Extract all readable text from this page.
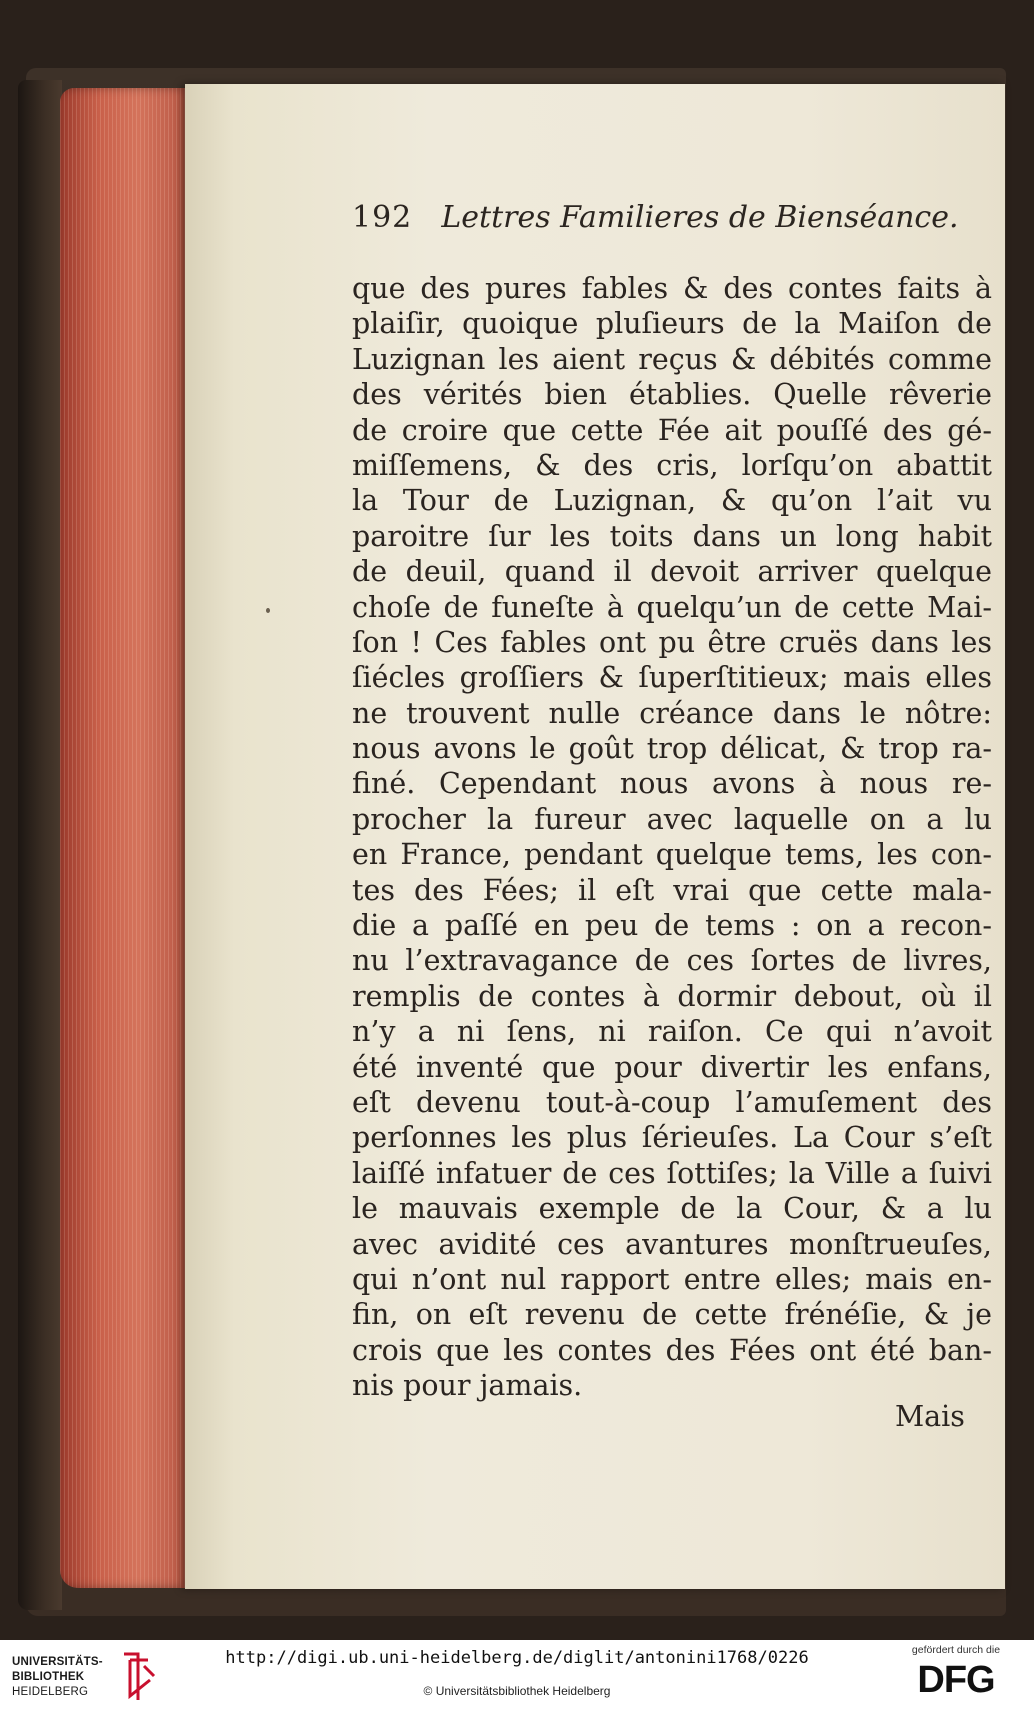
192 Lettres Familieres de Bienséance.
que des pures fables & des contes faits à
plaiſir, quoique pluſieurs de la Maiſon de
Luzignan les aient reçus & débités comme
des vérités bien établies. Quelle rêverie
de croire que cette Fée ait pouſſé des gé-
miſſemens, & des cris, lorſqu’on abattit
la Tour de Luzignan, & qu’on l’ait vu
paroitre ſur les toits dans un long habit
de deuil, quand il devoit arriver quelque
choſe de funeſte à quelqu’un de cette Mai-
ſon ! Ces fables ont pu être cruës dans les
ſiécles groſſiers & ſuperſtitieux; mais elles
ne trouvent nulle créance dans le nôtre:
nous avons le goût trop délicat, & trop ra-
finé. Cependant nous avons à nous re-
procher la fureur avec laquelle on a lu
en France, pendant quelque tems, les con-
tes des Fées; il eſt vrai que cette mala-
die a paſſé en peu de tems : on a recon-
nu l’extravagance de ces ſortes de livres,
remplis de contes à dormir debout, où il
n’y a ni ſens, ni raiſon. Ce qui n’avoit
été inventé que pour divertir les enfans,
eſt devenu tout-à-coup l’amuſement des
perſonnes les plus ſérieuſes. La Cour s’eſt
laiſſé infatuer de ces ſottiſes; la Ville a ſuivi
le mauvais exemple de la Cour, & a lu
avec avidité ces avantures monſtrueuſes,
qui n’ont nul rapport entre elles; mais en-
fin, on eſt revenu de cette frénéſie, & je
crois que les contes des Fées ont été ban-
nis pour jamais.
Mais
UNIVERSITÄTS-
BIBLIOTHEK
HEIDELBERG
http://digi.ub.uni-heidelberg.de/diglit/antonini1768/0226
© Universitätsbibliothek Heidelberg
gefördert durch die
DFG
